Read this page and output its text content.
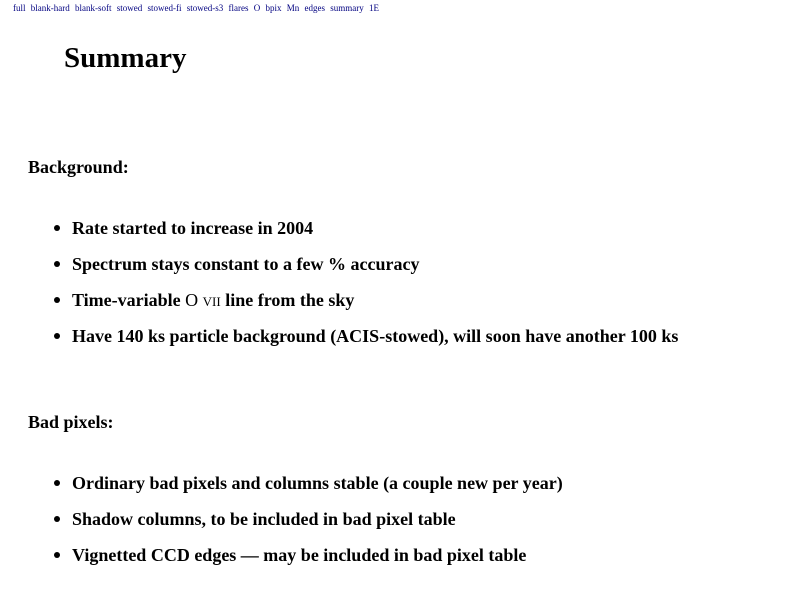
full blank-hard blank-soft stowed stowed-fi stowed-s3 flares O bpix Mn edges summary 1E
Summary
Background:
Rate started to increase in 2004
Spectrum stays constant to a few % accuracy
Time-variable O vii line from the sky
Have 140 ks particle background (ACIS-stowed), will soon have another 100 ks
Bad pixels:
Ordinary bad pixels and columns stable (a couple new per year)
Shadow columns, to be included in bad pixel table
Vignetted CCD edges — may be included in bad pixel table
